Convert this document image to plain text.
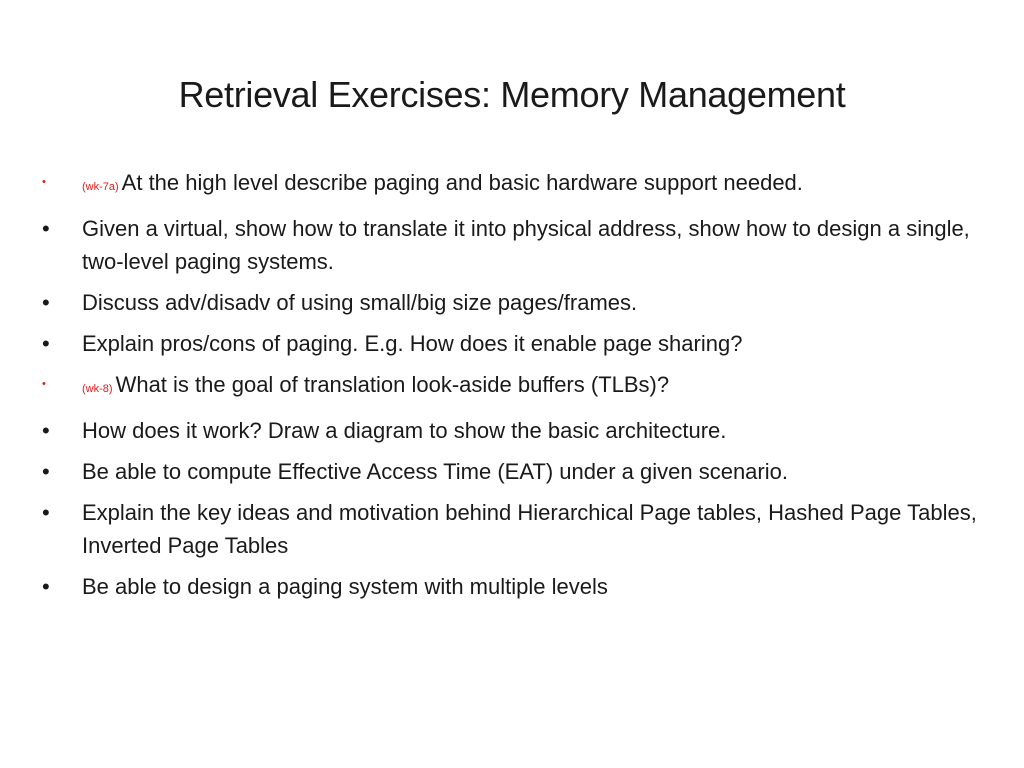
Retrieval Exercises: Memory Management
•	(wk-7a) At the high level describe paging and basic hardware support needed.
•	Given a virtual, show how to translate it into physical address, show how to design a single, two-level paging systems.
•	Discuss adv/disadv of using small/big size pages/frames.
•	Explain pros/cons of paging. E.g. How does it enable page sharing?
•	(wk-8) What is the goal of translation look-aside buffers (TLBs)?
•	How does it work? Draw a diagram to show the basic architecture.
•	Be able to compute Effective Access Time (EAT) under a given scenario.
•	Explain the key ideas and motivation behind Hierarchical Page tables, Hashed Page Tables, Inverted Page Tables
•	Be able to design a paging system with multiple levels
